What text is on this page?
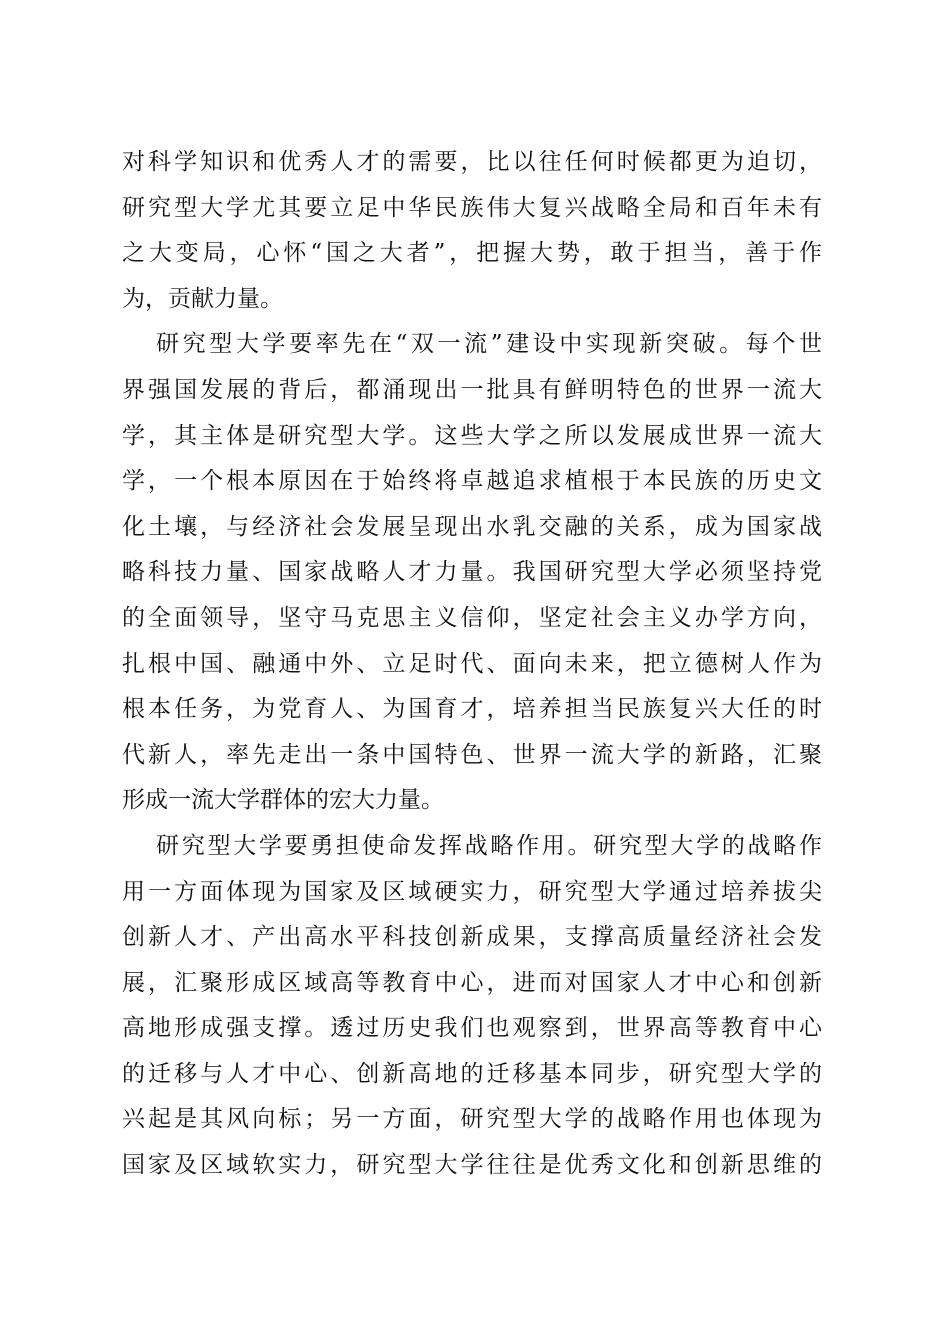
对科学知识和优秀人才的需要，比以往任何时候都更为迫切，
研究型大学尤其要立足中华民族伟大复兴战略全局和百年未有
之大变局，心怀“国之大者”，把握大势，敢于担当，善于作
为，贡献力量。
研究型大学要率先在“双一流”建设中实现新突破。每个世
界强国发展的背后，都涌现出一批具有鲜明特色的世界一流大
学，其主体是研究型大学。这些大学之所以发展成世界一流大
学，一个根本原因在于始终将卓越追求植根于本民族的历史文
化土壤，与经济社会发展呈现出水乳交融的关系，成为国家战
略科技力量、国家战略人才力量。我国研究型大学必须坚持党
的全面领导，坚守马克思主义信仰，坚定社会主义办学方向，
扎根中国、融通中外、立足时代、面向未来，把立德树人作为
根本任务，为党育人、为国育才，培养担当民族复兴大任的时
代新人，率先走出一条中国特色、世界一流大学的新路，汇聚
形成一流大学群体的宏大力量。
研究型大学要勇担使命发挥战略作用。研究型大学的战略作
用一方面体现为国家及区域硬实力，研究型大学通过培养拔尖
创新人才、产出高水平科技创新成果，支撑高质量经济社会发
展，汇聚形成区域高等教育中心，进而对国家人才中心和创新
高地形成强支撑。透过历史我们也观察到，世界高等教育中心
的迁移与人才中心、创新高地的迁移基本同步，研究型大学的
兴起是其风向标；另一方面，研究型大学的战略作用也体现为
国家及区域软实力，研究型大学往往是优秀文化和创新思维的
